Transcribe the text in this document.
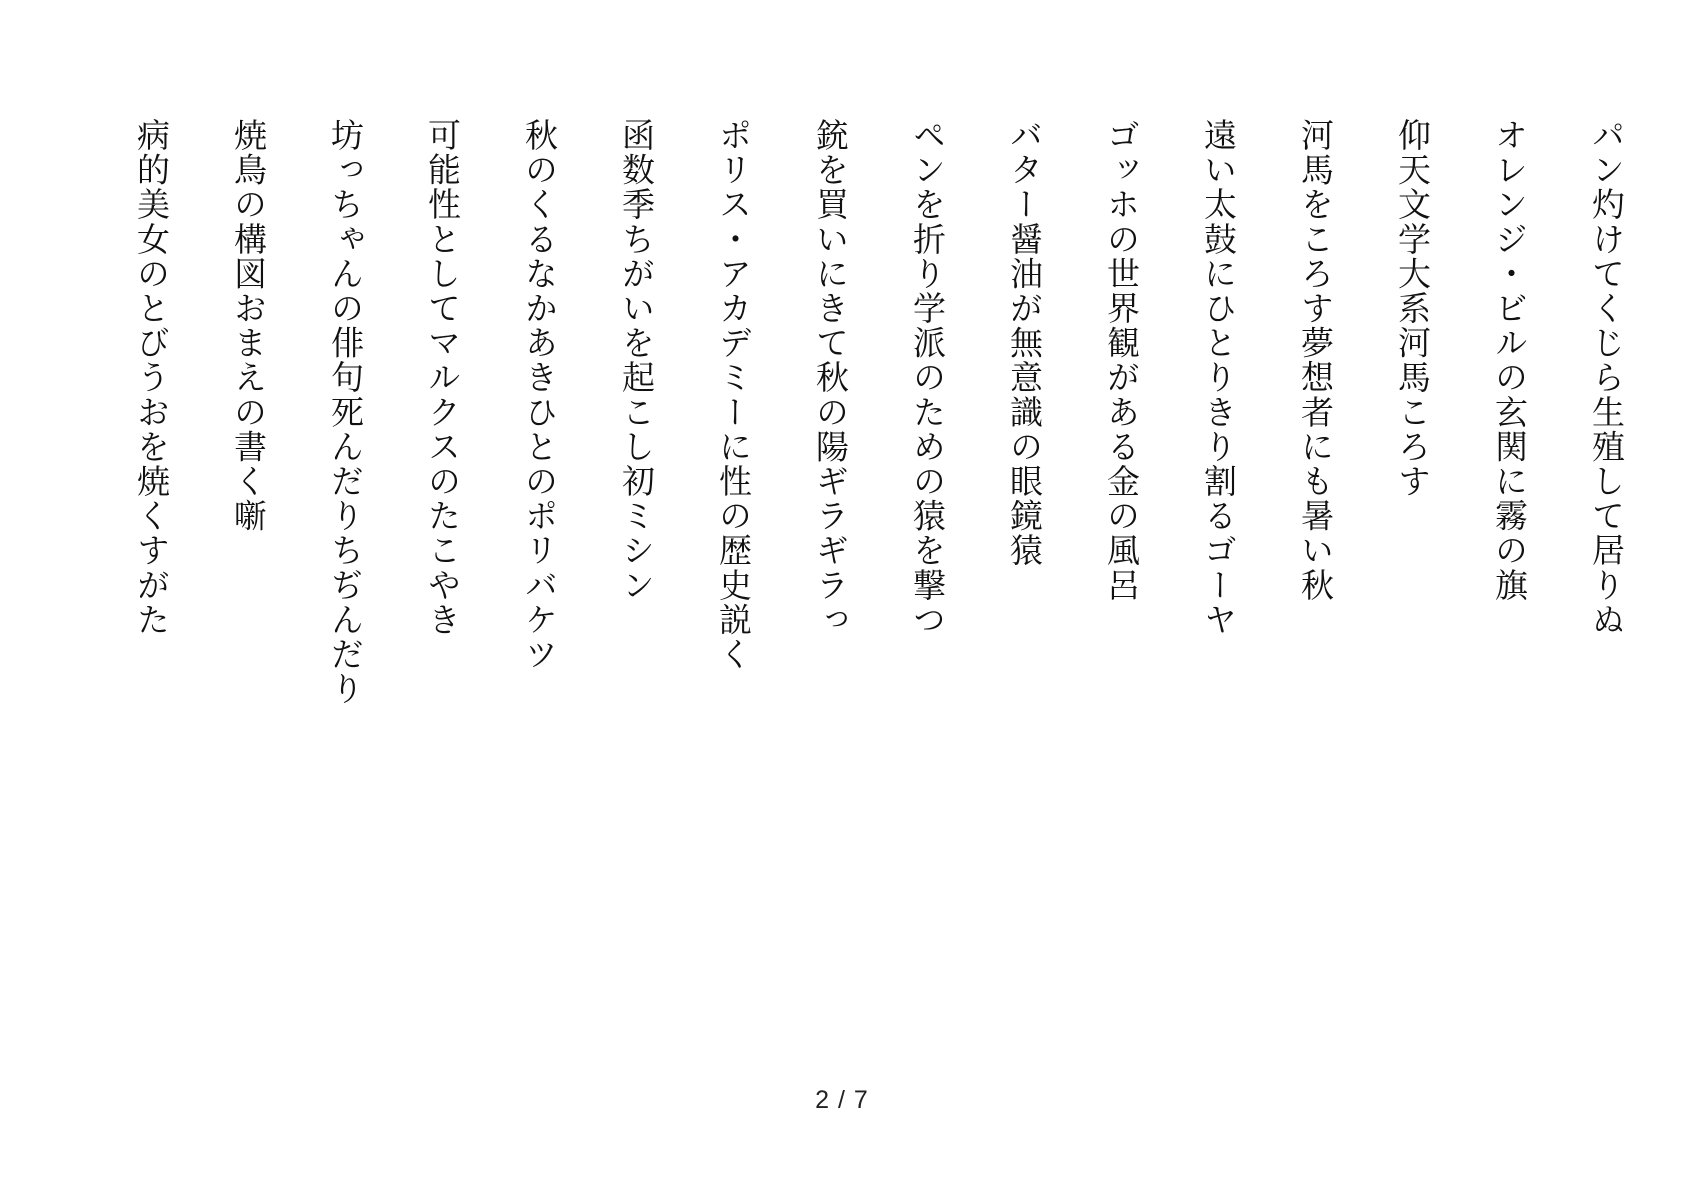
パン灼けてくじら生殖して居りぬ
オレンジ・ビルの玄関に霧の旗
仰天文学大系河馬ころす
河馬をころす夢想者にも暑い秋
遠い太鼓にひとりきり割るゴーヤ
ゴッホの世界観がある金の風呂
バター醤油が無意識の眼鏡猿
ペンを折り学派のための猿を撃つ
銃を買いにきて秋の陽ギラギラっ
ポリス・アカデミーに性の歴史説く
函数季ちがいを起こし初ミシン
秋のくるなかあきひとのポリバケツ
可能性としてマルクスのたこやき
坊っちゃんの俳句死んだりちぢんだり
焼鳥の構図おまえの書く噺
病的美女のとびうおを焼くすがた
2 / 7
